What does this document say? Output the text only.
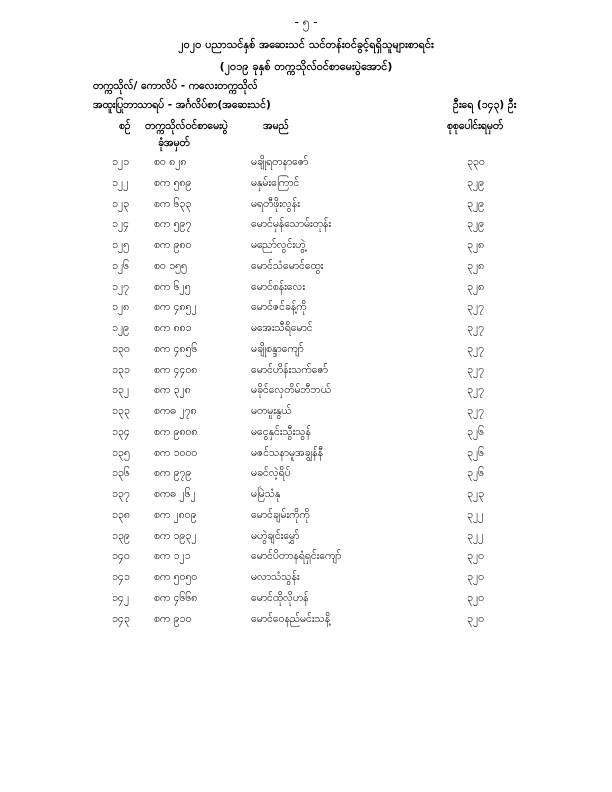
- ၅ -
၂၀၂၀ ပညာသင်နှစ် အဆေးသင် သင်တန်းဝင်ခွင့်ရရှိသူများစာရင်း
(၂၀၁၉ ခုနှစ် တက္ကသိုလ်ဝင်စာမေးပွဲအောင်)
တက္ကသိုလ်/ ကောလိပ် - ကလေးတက္ကသိုလ်
အထူးပြုဘာသာရပ် - အင်္ဂလိပ်စာ(အဆေးသင်)	ဦးရေ (၁၄၃) ဦး
စဉ် တက္ကသိုလ်ဝင်စာမေးပွဲ
ခုံအမှတ်
အမည်	စုစုပေါင်းရမှတ်
၁၂၁ စဝ ၈၂၈	မချိုရတနာဇော်	၃၃၀
၁၂၂ စက ၅၈၉	မနှမ်းကြောင်	၃၂၉
၁၂၃ စက ၆၃၃	မရတီဖိုးလွန်း	၃၂၉
၁၂၄ စက ၅၉၇	မောင်မှန်သောမ်းတုန်း	၃၂၉
၁၂၅ စက ၉၈၀	မညော်လွင်းဟွဲ့	၃၂၈
၁၂၆ စဝ ၁၅၅	မောင်သံမောင်ထွေး	၃၂၈
၁၂၇ စက ၆၂၅	မောင်စန်းလေး	၃၂၈
၁၂၈ စက ၄၈၅၂	မောင်ဇင်ခန့်ကို	၃၂၇
၁၂၉ စက ၈၈၁	မအေးသီရိမောင်	၃၂၇
၁၃၀ စက ၄၈၅၆	မချိုစန္ဒာကျော်	၃၂၇
၁၃၁ စက ၄၄၀၈	မောင်ဟိန်းသက်ဇော်	၃၂၇
၁၃၂ စက ၃၂၈	မခိုင်လှေတိမ်ဘီဘယ်	၃၂၇
၁၃၃ စကဓ ၂၇၈	မတမူးနွယ်	၃၂၇
၁၃၄ စက ၉၈၀၈	မငွေနှင်းသွီးသွန်	၃၂၆
၁၃၅ စက ၁၀၀၀	မဇင်သနာမူအချွန်နီ	၃၂၆
၁၃၆ စက ၉၇၉	မခင်လဲ့ရိပ်	၃၂၆
၁၃၇ စကဓ ၂၆၂	မမြဲသံနု	၃၂၃
၁၃၈ စက ၂၈၀၉	မောင်ချမ်းကိုကို	၃၂၂
၁၃၉ စက ၁၉၃၂	မဟွဲချင်းမွှော်	၃၂၂
၁၄၀ စက ၁၂၁	မောင်ပိတာနရံရှင်းကျော်	၃၂၀
၁၄၁ စက ၅၀၅၀	မလာသံသွန်း	၃၂၀
၁၄၂ စက ၄၆၆၈	မောင်ထိုလိုဟန်	၃၂၀
၁၄၃ စက ၉၁၀	မောင်ဝေနည်မင်းသနိ့	၃၂၀
